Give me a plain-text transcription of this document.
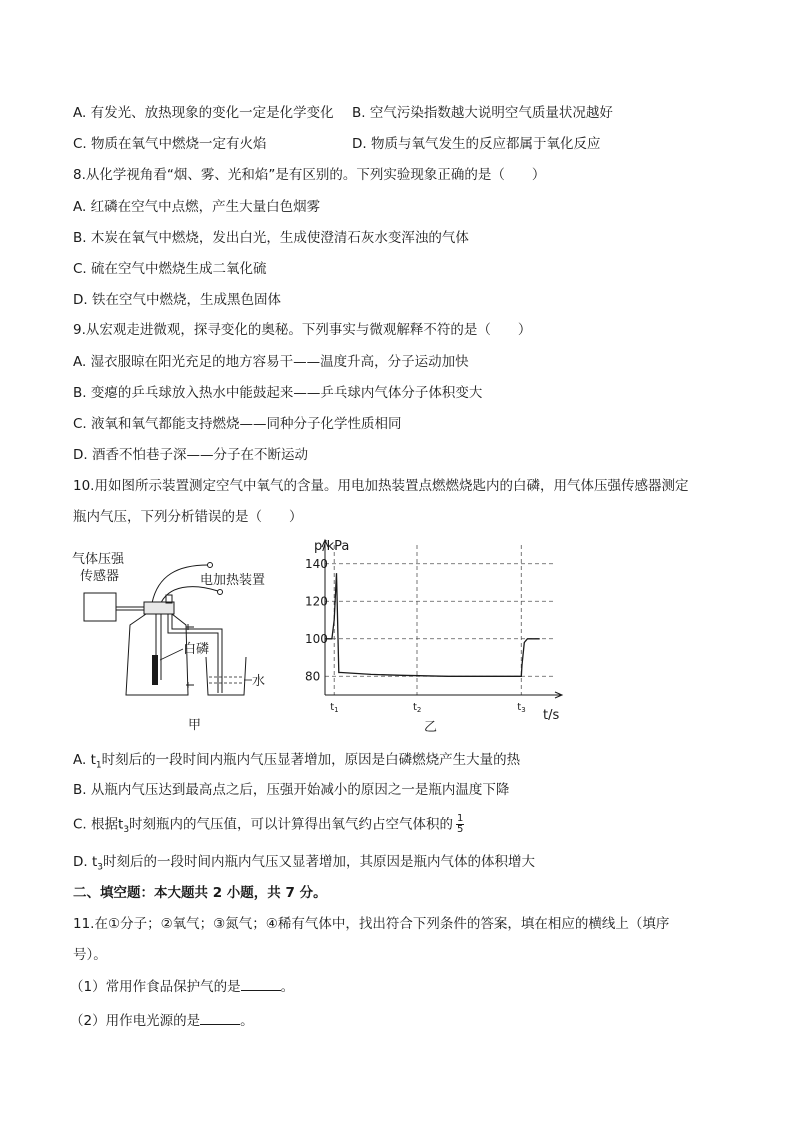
A. 有发光、放热现象的变化一定是化学变化 B. 空气污染指数越大说明空气质量状况越好
C. 物质在氧气中燃烧一定有火焰	D. 物质与氧气发生的反应都属于氧化反应
8.从化学视角看“烟、雾、光和焰”是有区别的。下列实验现象正确的是（　　）
A. 红磷在空气中点燃，产生大量白色烟雾
B. 木炭在氧气中燃烧，发出白光，生成使澄清石灰水变浑浊的气体
C. 硫在空气中燃烧生成二氧化硫
D. 铁在空气中燃烧，生成黑色固体
9.从宏观走进微观，探寻变化的奥秘。下列事实与微观解释不符的是（　　）
A. 湿衣服晾在阳光充足的地方容易干——温度升高，分子运动加快
B. 变瘪的乒乓球放入热水中能鼓起来——乒乓球内气体分子体积变大
C. 液氧和氧气都能支持燃烧——同种分子化学性质相同
D. 酒香不怕巷子深——分子在不断运动
10.用如图所示装置测定空气中氧气的含量。用电加热装置点燃燃烧匙内的白磷，用气体压强传感器测定
瓶内气压，下列分析错误的是（　　）
气体压强
传感器	电加热装置
白磷
水
甲
140
120
100
80
$t_1$	$t_2$	$t_3$
p/kPa
t/s
乙
A. $t_1$时刻后的一段时间内瓶内气压显著增加，原因是白磷燃烧产生大量的热
B. 从瓶内气压达到最高点之后，压强开始减小的原因之一是瓶内温度下降
C. 根据$t_3$时刻瓶内的气压值，可以计算得出氧气约占空气体积的 $\frac{1}{5}$
D. $t_3$时刻后的一段时间内瓶内气压又显著增加，其原因是瓶内气体的体积增大
二、填空题：本大题共 2 小题，共 7 分。
11.在①分子；②氧气；③氮气；④稀有气体中，找出符合下列条件的答案，填在相应的横线上（填序
号）。
（1）常用作食品保护气的是	。
（2）用作电光源的是	。
